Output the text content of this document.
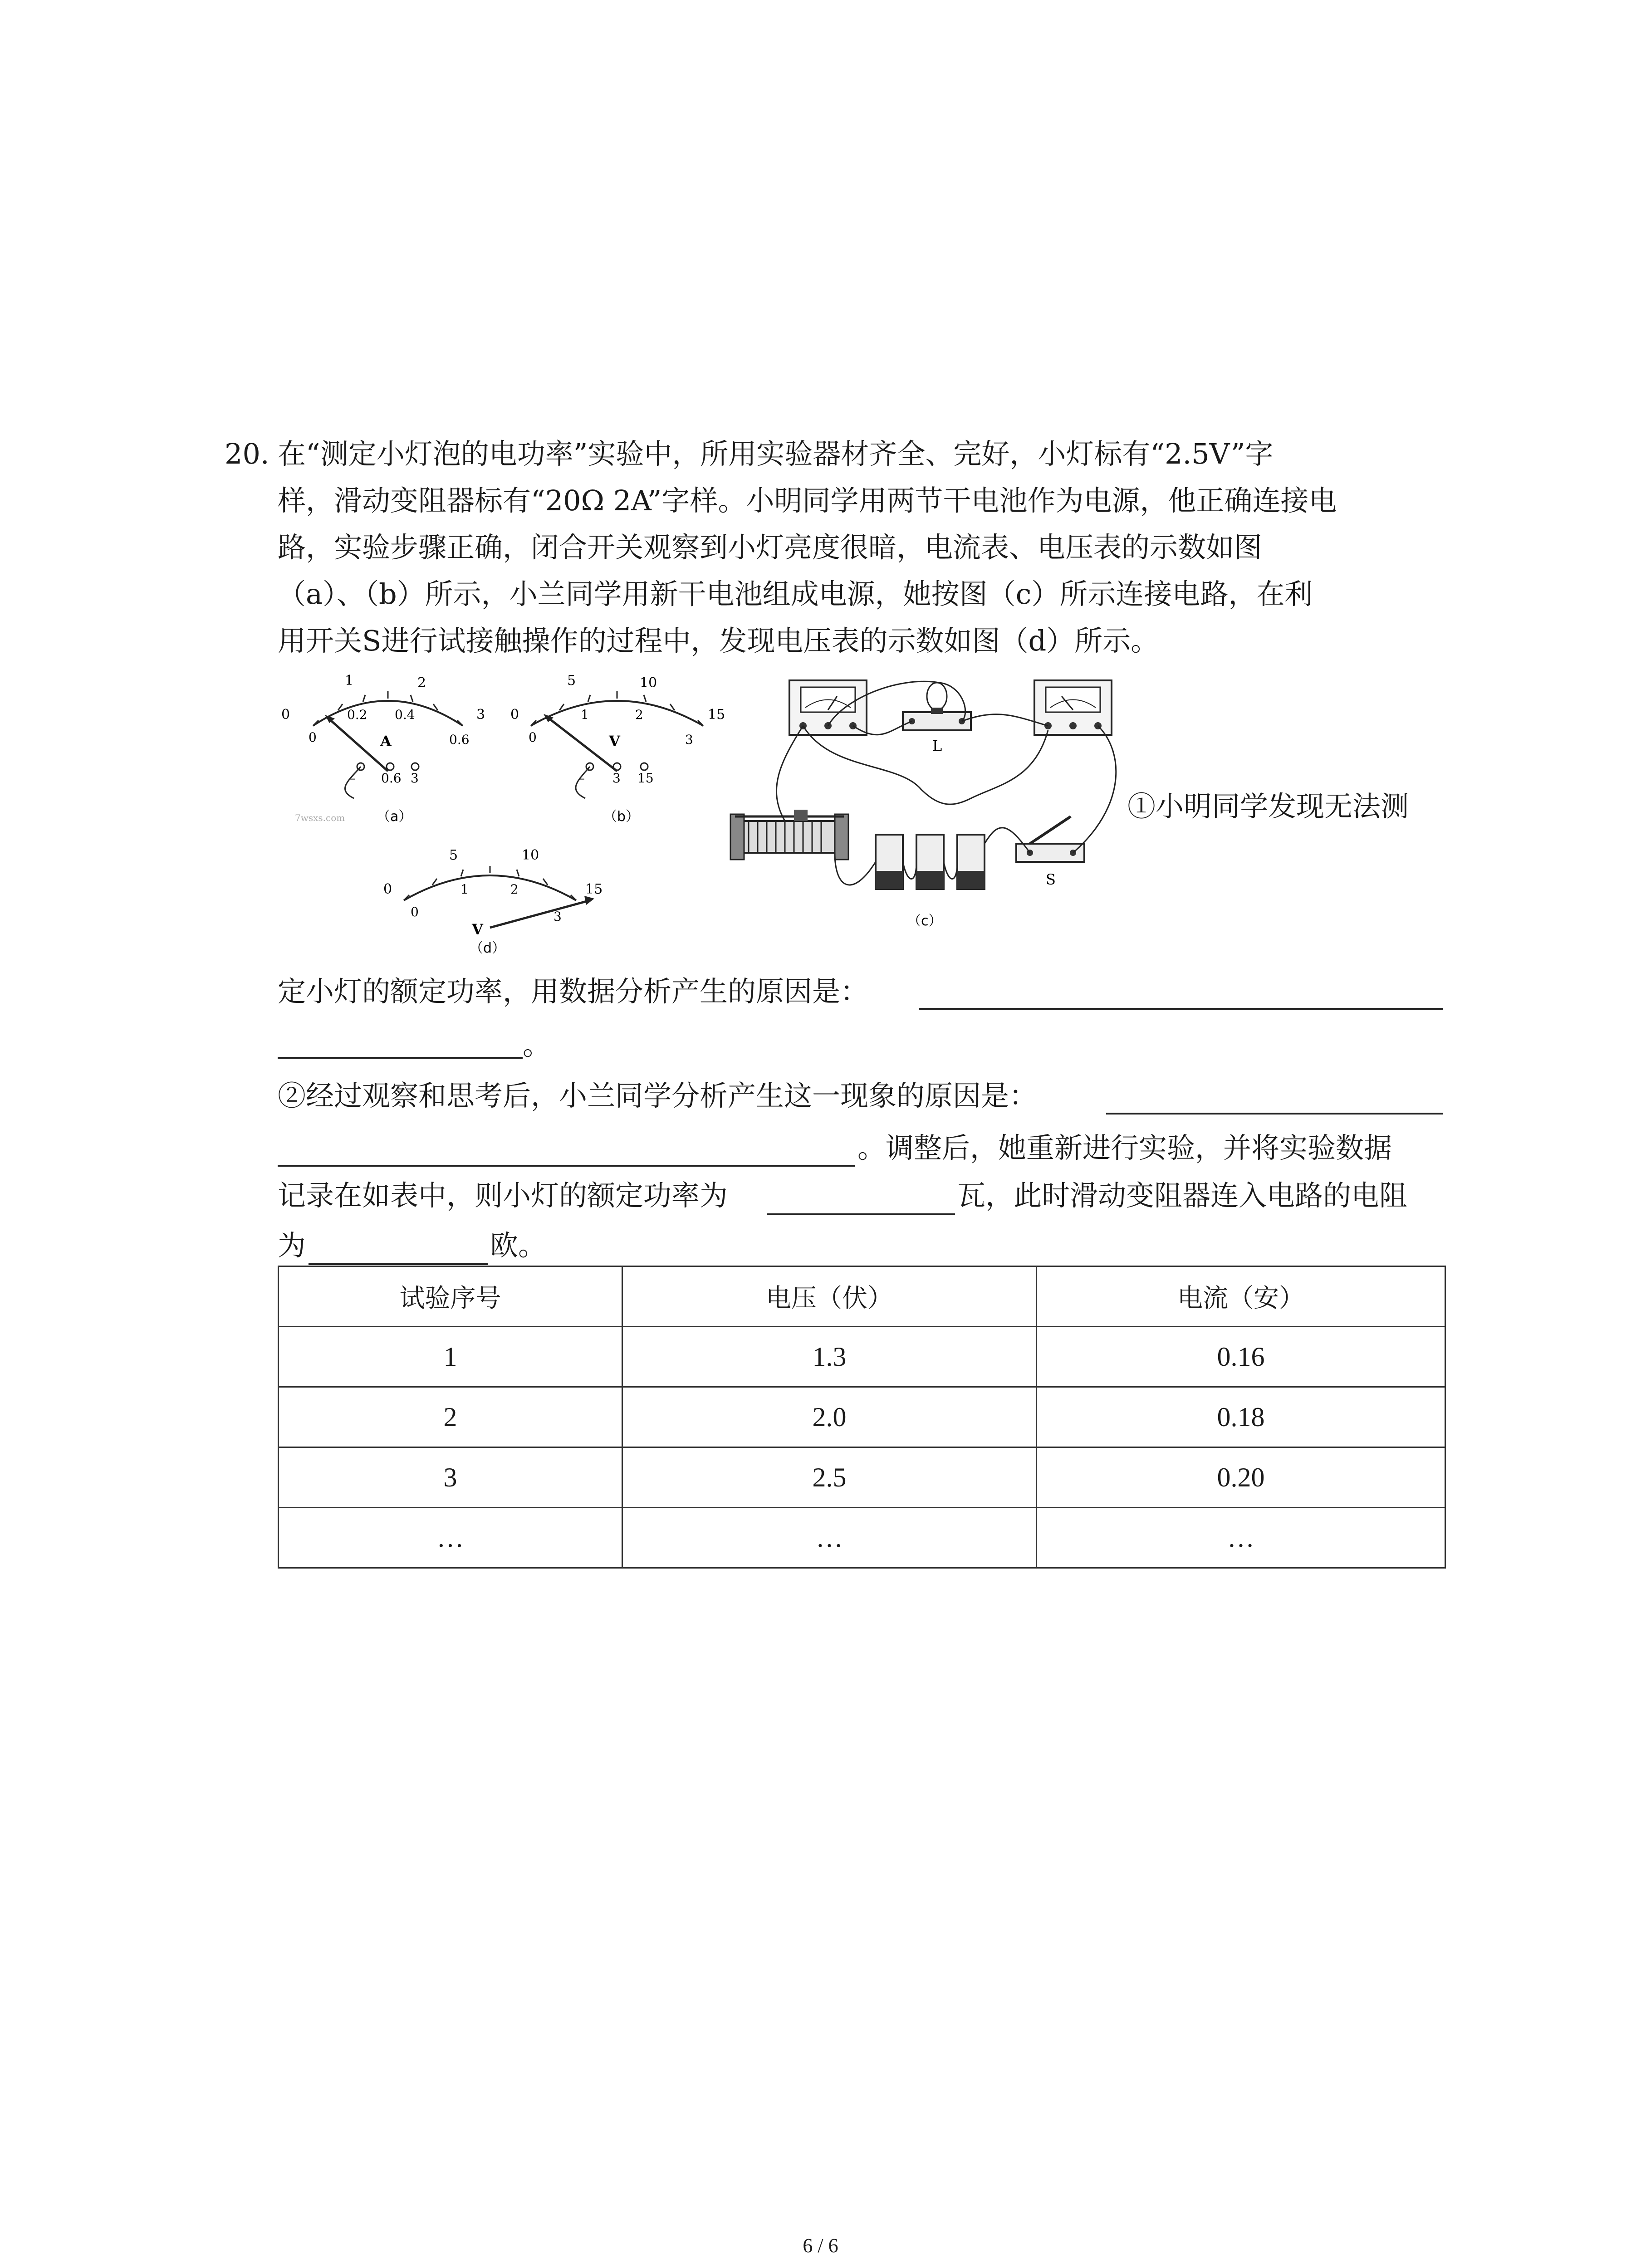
20. 在“测定小灯泡的电功率”实验中，所用实验器材齐全、完好，小灯标有“2.5V”字
样，滑动变阻器标有“20Ω 2A”字样。小明同学用两节干电池作为电源，他正确连接电
路，实验步骤正确，闭合开关观察到小灯亮度很暗，电流表、电压表的示数如图
（a）、（b）所示，小兰同学用新干电池组成电源，她按图（c）所示连接电路，在利
用开关S进行试接触操作的过程中，发现电压表的示数如图（d）所示。
0
1	2
3
0
0.2 0.4
0.6
A
– 0.6 3
7wsxs.com （a）
0
5	10
15
0
1	2
3
V
– 3 15
（b）
L
S
（c）
①小明同学发现无法测
0
5	10
15
0
1	2
3
V
（d）
定小灯的额定功率，用数据分析产生的原因是：
。
②经过观察和思考后，小兰同学分析产生这一现象的原因是：
。调整后，她重新进行实验，并将实验数据
记录在如表中，则小灯的额定功率为	瓦，此时滑动变阻器连入电路的电阻
为	欧。
试验序号	电压（伏）	电流（安）
1	1.3	0.16
2	2.0	0.18
3	2.5	0.20
…	…	…
6 / 6
